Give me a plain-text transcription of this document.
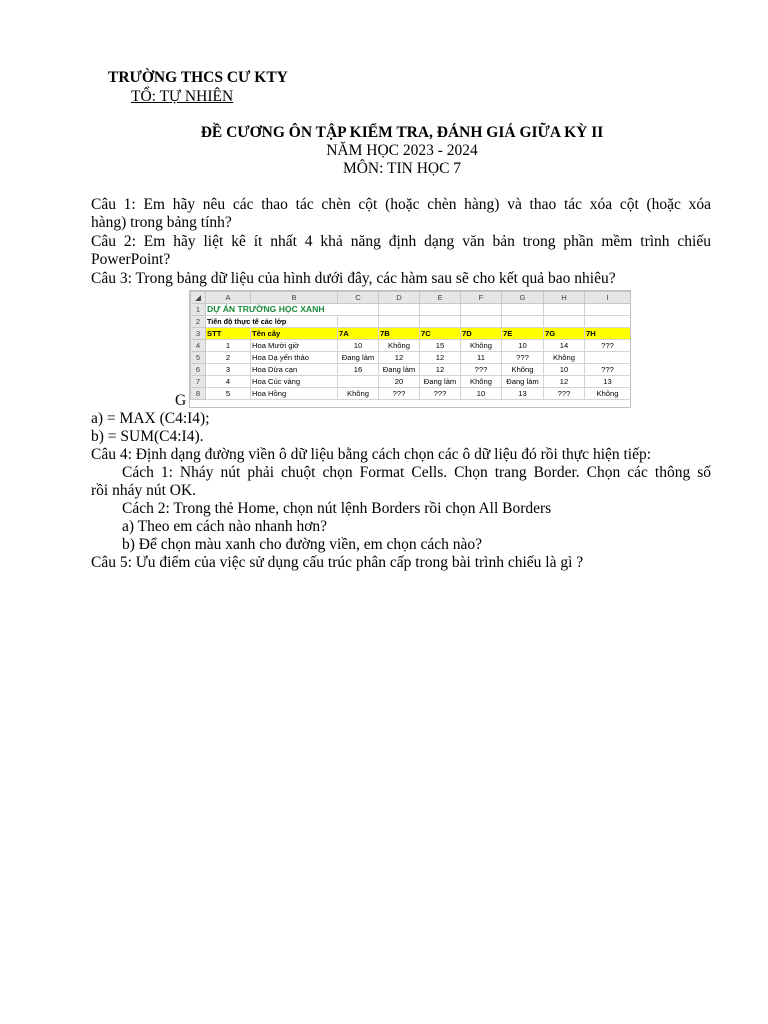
TRƯỜNG THCS CƯ KTY
TỔ: TỰ NHIÊN
ĐỀ CƯƠNG ÔN TẬP KIỂM TRA, ĐÁNH GIÁ GIỮA KỲ II
NĂM HỌC 2023 - 2024
MÔN: TIN HỌC 7
Câu 1: Em hãy nêu các thao tác chèn cột (hoặc chèn hàng) và thao tác xóa cột (hoặc xóa
hàng) trong bảng tính?
Câu 2: Em hãy liệt kê ít nhất 4 khả năng định dạng văn bản trong phần mềm trình chiếu
PowerPoint?
Câu 3: Trong bảng dữ liệu của hình dưới đây, các hàm sau sẽ cho kết quả bao nhiêu?
◢	A	B	C	D	E	F	G	H	I
1	DỰ ÁN TRƯỜNG HỌC XANH								
2	Tiến độ thực tế các lớp								
3	STT	Tên cây	7A	7B	7C	7D	7E	7G	7H
4	1	Hoa Mười giờ	10	Không	15	Không	10	14	???
5	2	Hoa Dạ yến thảo	Đang làm	12	12	11	???	Không	
6	3	Hoa Dừa cạn	16	Đang làm	12	???	Không	10	???
7	4	Hoa Cúc vàng		20	Đang làm	Không	Đang làm	12	13
8	5	Hoa Hồng	Không	???	???	10	13	???	Không
G
a) = MAX (C4:I4);
b) = SUM(C4:I4).
Câu 4: Định dạng đường viền ô dữ liệu bằng cách chọn các ô dữ liệu đó rồi thực hiện tiếp:
Cách 1: Nháy nút phải chuột chọn Format Cells. Chọn trang Border. Chọn các thông số
rồi nháy nút OK.
Cách 2: Trong thẻ Home, chọn nút lệnh Borders rồi chọn All Borders
a) Theo em cách nào nhanh hơn?
b) Để chọn màu xanh cho đường viền, em chọn cách nào?
Câu 5: Ưu điểm của việc sử dụng cấu trúc phân cấp trong bài trình chiếu là gì ?
